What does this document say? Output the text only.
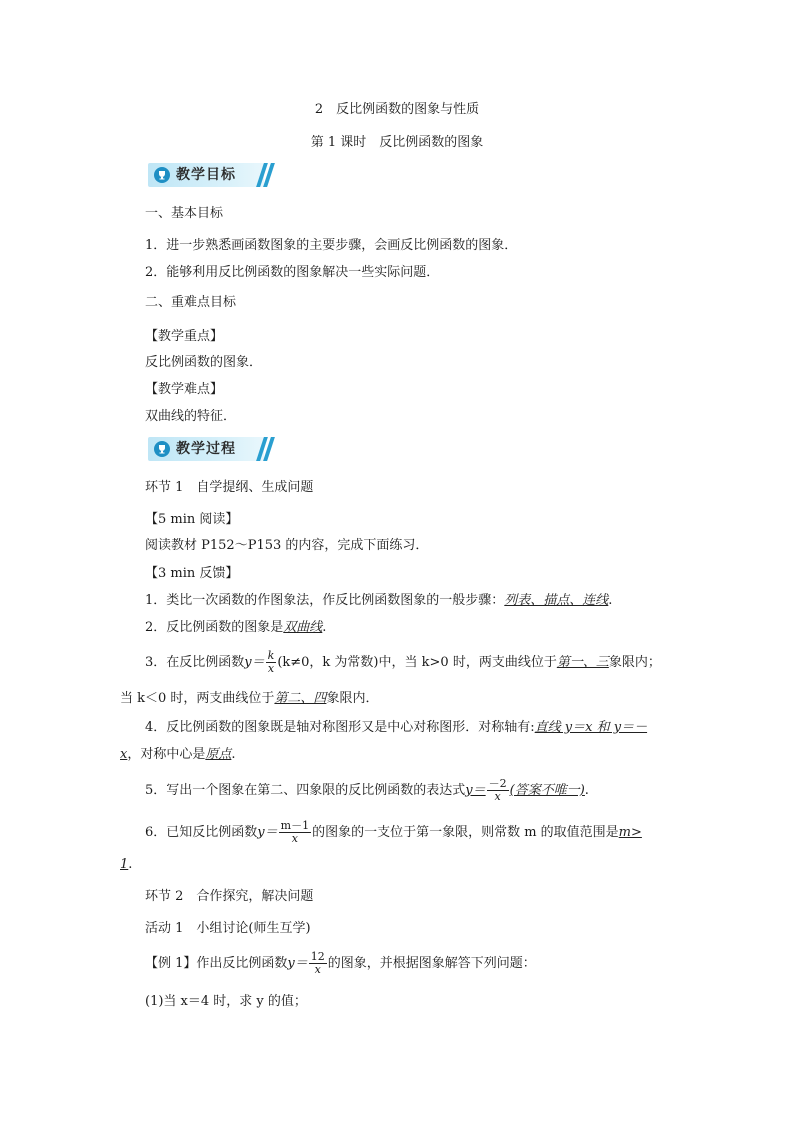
2　反比例函数的图象与性质
第 1 课时　反比例函数的图象
教学目标
一、基本目标
1．进一步熟悉画函数图象的主要步骤，会画反比例函数的图象．
2．能够利用反比例函数的图象解决一些实际问题．
二、重难点目标
【教学重点】
反比例函数的图象．
【教学难点】
双曲线的特征．
教学过程
环节 1　自学提纲、生成问题
【5 min 阅读】
阅读教材 P152～P153 的内容，完成下面练习．
【3 min 反馈】
1．类比一次函数的作图象法，作反比例函数图象的一般步骤：列表、描点、连线.
2．反比例函数的图象是双曲线.
3．在反比例函数$y= \frac{k}{x} (k\ne 0$，k 为常数)中，当 k>0 时，两支曲线位于第一、三象限内；
当 k＜0 时，两支曲线位于第二、四象限内．
4．反比例函数的图象既是轴对称图形又是中心对称图形．对称轴有:直线 y＝x 和 y＝－
x，对称中心是原点.
5．写出一个图象在第二、四象限的反比例函数的表达式$y= \frac{-2}{x}$ (答案不唯一).
6．已知反比例函数$y= \frac{m-1}{x}$ 的图象的一支位于第一象限，则常数 m 的取值范围是m>
1.
环节 2　合作探究，解决问题
活动 1　小组讨论(师生互学)
【例 1】作出反比例函数$y= \frac{12}{x}$ 的图象，并根据图象解答下列问题：
(1)当 x＝4 时，求 y 的值；
